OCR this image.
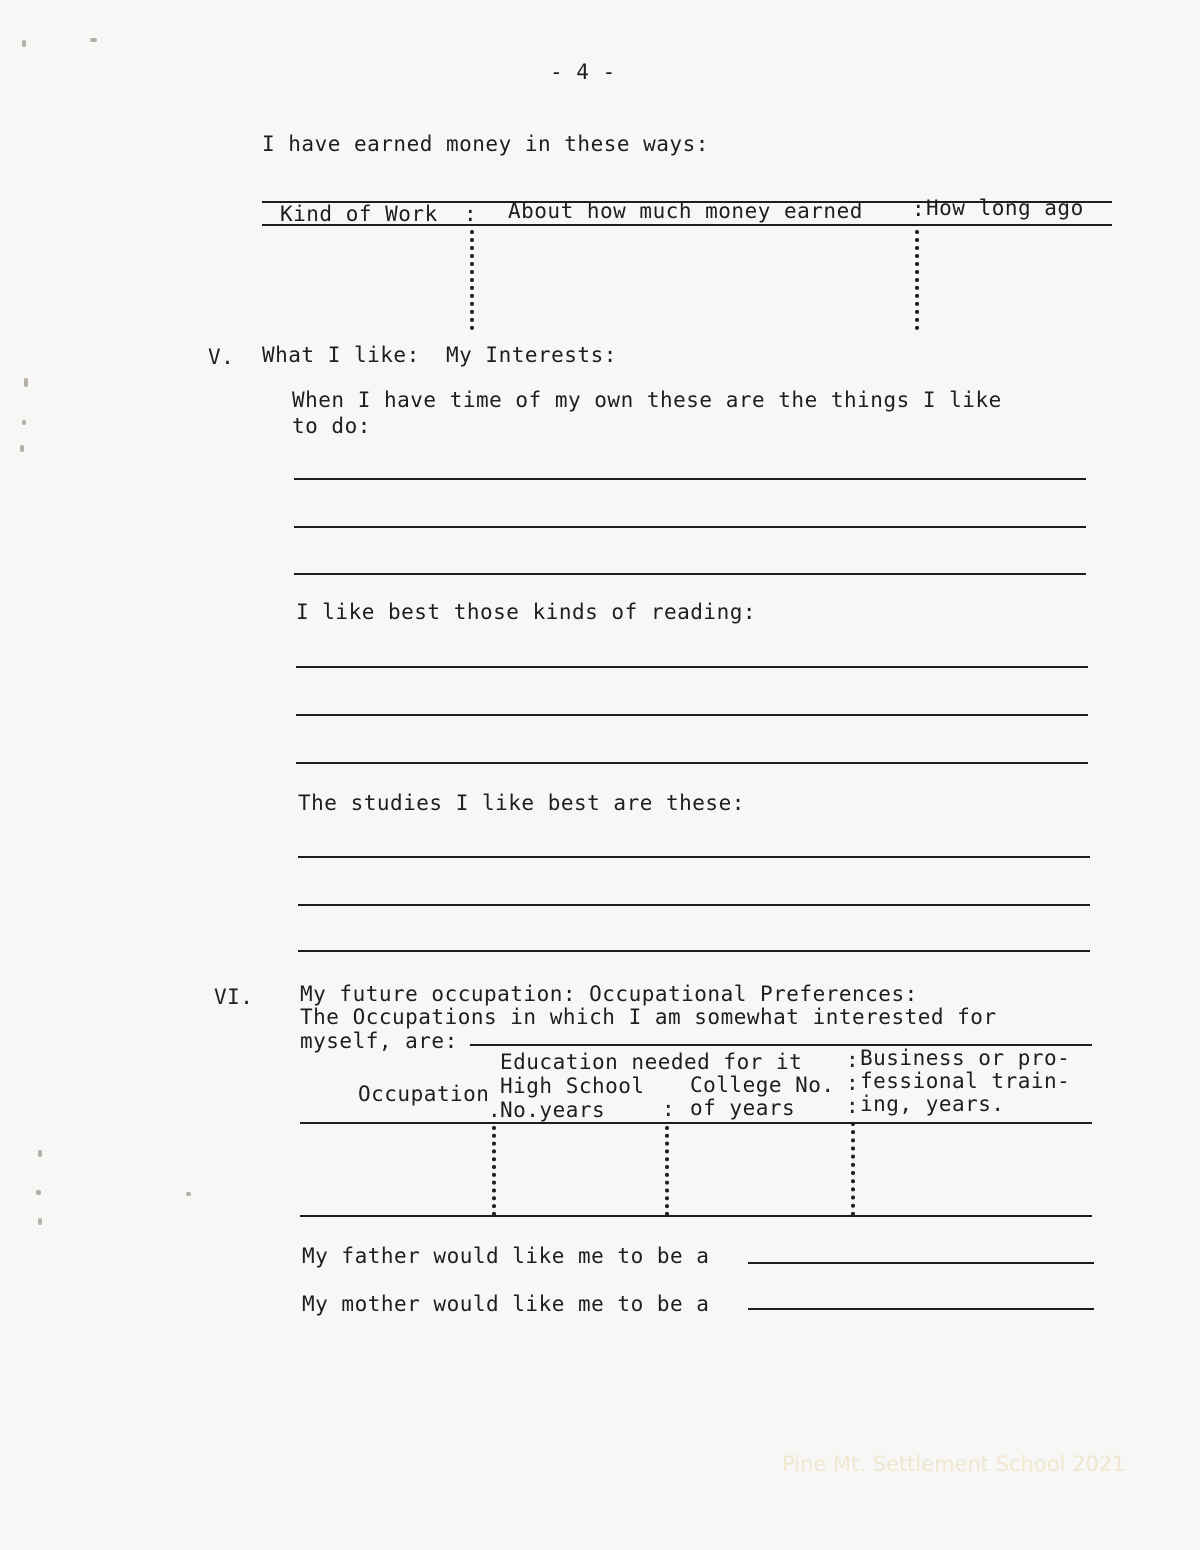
- 4 -
I have earned money in these ways:
Kind of Work : About how much money earned : How long ago
V. What I like:  My Interests:
When I have time of my own these are the things I like
to do:
I like best those kinds of reading:
The studies I like best are these:
VI. My future occupation: Occupational Preferences:
The Occupations in which I am somewhat interested for
myself, are:
Education needed for it : Business or pro-
Occupation High School College No. : fessional train-
.
No.years	: of years : ing, years.
My father would like me to be a
My mother would like me to be a
Pine Mt. Settlement School 2021
